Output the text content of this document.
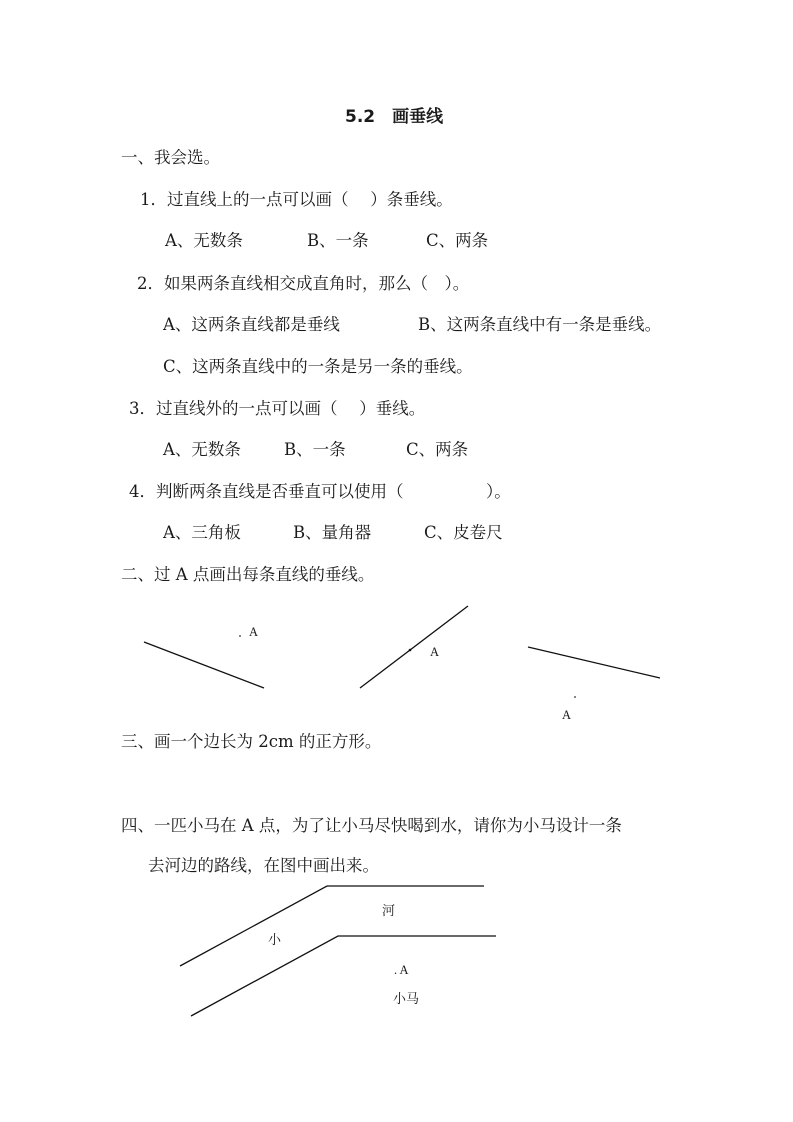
5.2　画垂线
一、我会选。
1．过直线上的一点可以画（　 ）条垂线。
A、无数条	B、一条	C、两条
2．如果两条直线相交成直角时，那么（　）。
A、这两条直线都是垂线	B、这两条直线中有一条是垂线。
C、这两条直线中的一条是另一条的垂线。
3．过直线外的一点可以画（　 ）垂线。
A、无数条	B、一条	C、两条
4．判断两条直线是否垂直可以使用（　　　　　）。
A、三角板	B、量角器	C、皮卷尺
二、过 A 点画出每条直线的垂线。
A
A
A
三、画一个边长为 2cm 的正方形。
四、一匹小马在 A 点，为了让小马尽快喝到水，请你为小马设计一条
去河边的路线，在图中画出来。
小
河
. A
小马
